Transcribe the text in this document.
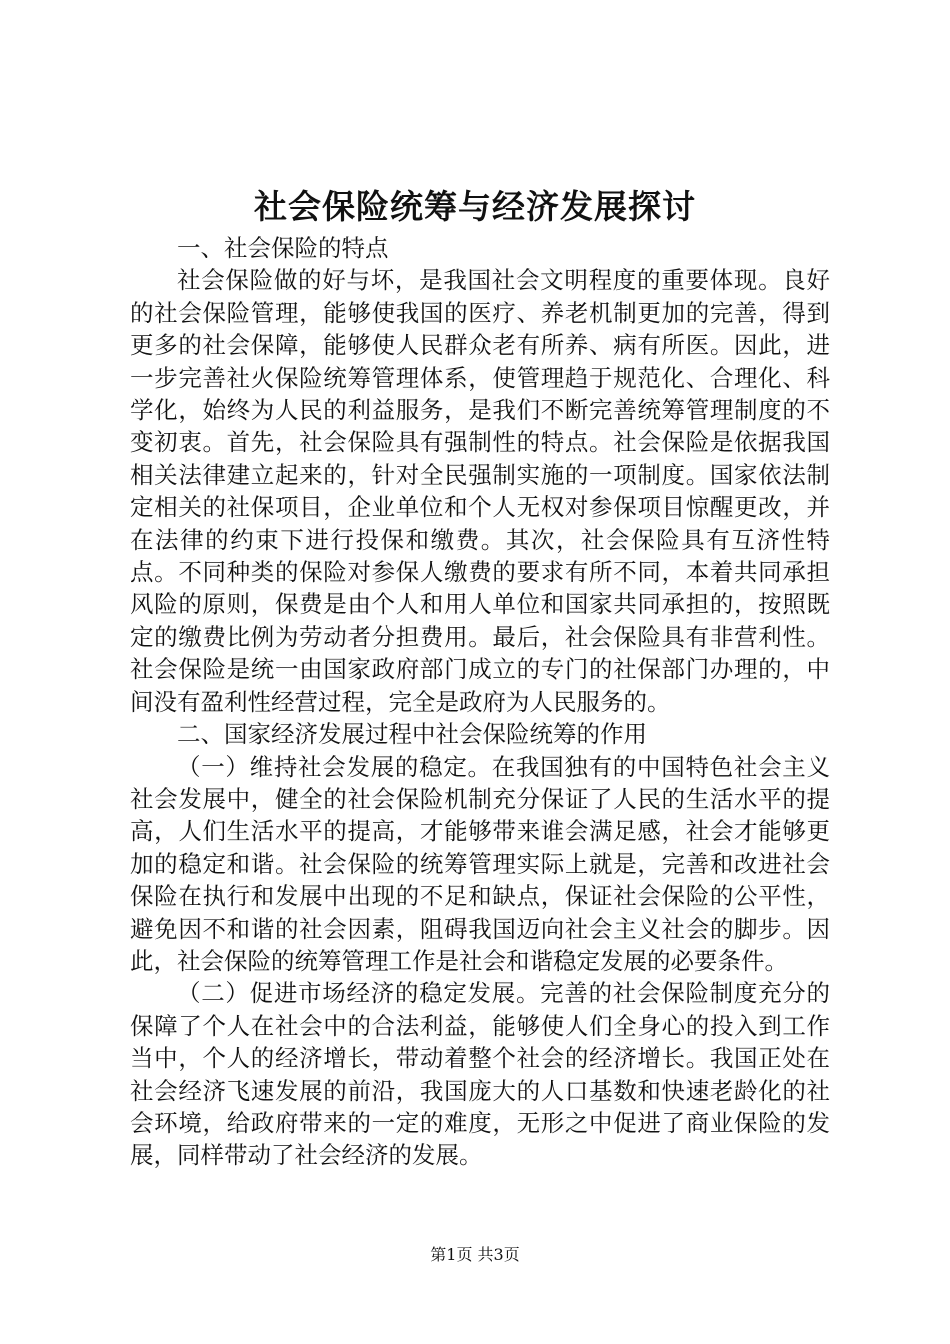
社会保险统筹与经济发展探讨

一、社会保险的特点

社会保险做的好与坏，是我国社会文明程度的重要体现。良好的社会保险管理，能够使我国的医疗、养老机制更加的完善，得到更多的社会保障，能够使人民群众老有所养、病有所医。因此，进一步完善社火保险统筹管理体系，使管理趋于规范化、合理化、科学化，始终为人民的利益服务，是我们不断完善统筹管理制度的不变初衷。首先，社会保险具有强制性的特点。社会保险是依据我国相关法律建立起来的，针对全民强制实施的一项制度。国家依法制定相关的社保项目，企业单位和个人无权对参保项目惊醒更改，并在法律的约束下进行投保和缴费。其次，社会保险具有互济性特点。不同种类的保险对参保人缴费的要求有所不同，本着共同承担风险的原则，保费是由个人和用人单位和国家共同承担的，按照既定的缴费比例为劳动者分担费用。最后，社会保险具有非营利性。社会保险是统一由国家政府部门成立的专门的社保部门办理的，中间没有盈利性经营过程，完全是政府为人民服务的。

二、国家经济发展过程中社会保险统筹的作用

（一）维持社会发展的稳定。在我国独有的中国特色社会主义社会发展中，健全的社会保险机制充分保证了人民的生活水平的提高，人们生活水平的提高，才能够带来谁会满足感，社会才能够更加的稳定和谐。社会保险的统筹管理实际上就是，完善和改进社会保险在执行和发展中出现的不足和缺点，保证社会保险的公平性，避免因不和谐的社会因素，阻碍我国迈向社会主义社会的脚步。因此，社会保险的统筹管理工作是社会和谐稳定发展的必要条件。

（二）促进市场经济的稳定发展。完善的社会保险制度充分的保障了个人在社会中的合法利益，能够使人们全身心的投入到工作当中，个人的经济增长，带动着整个社会的经济增长。我国正处在社会经济飞速发展的前沿，我国庞大的人口基数和快速老龄化的社会环境，给政府带来的一定的难度，无形之中促进了商业保险的发展，同样带动了社会经济的发展。

第1页 共3页
